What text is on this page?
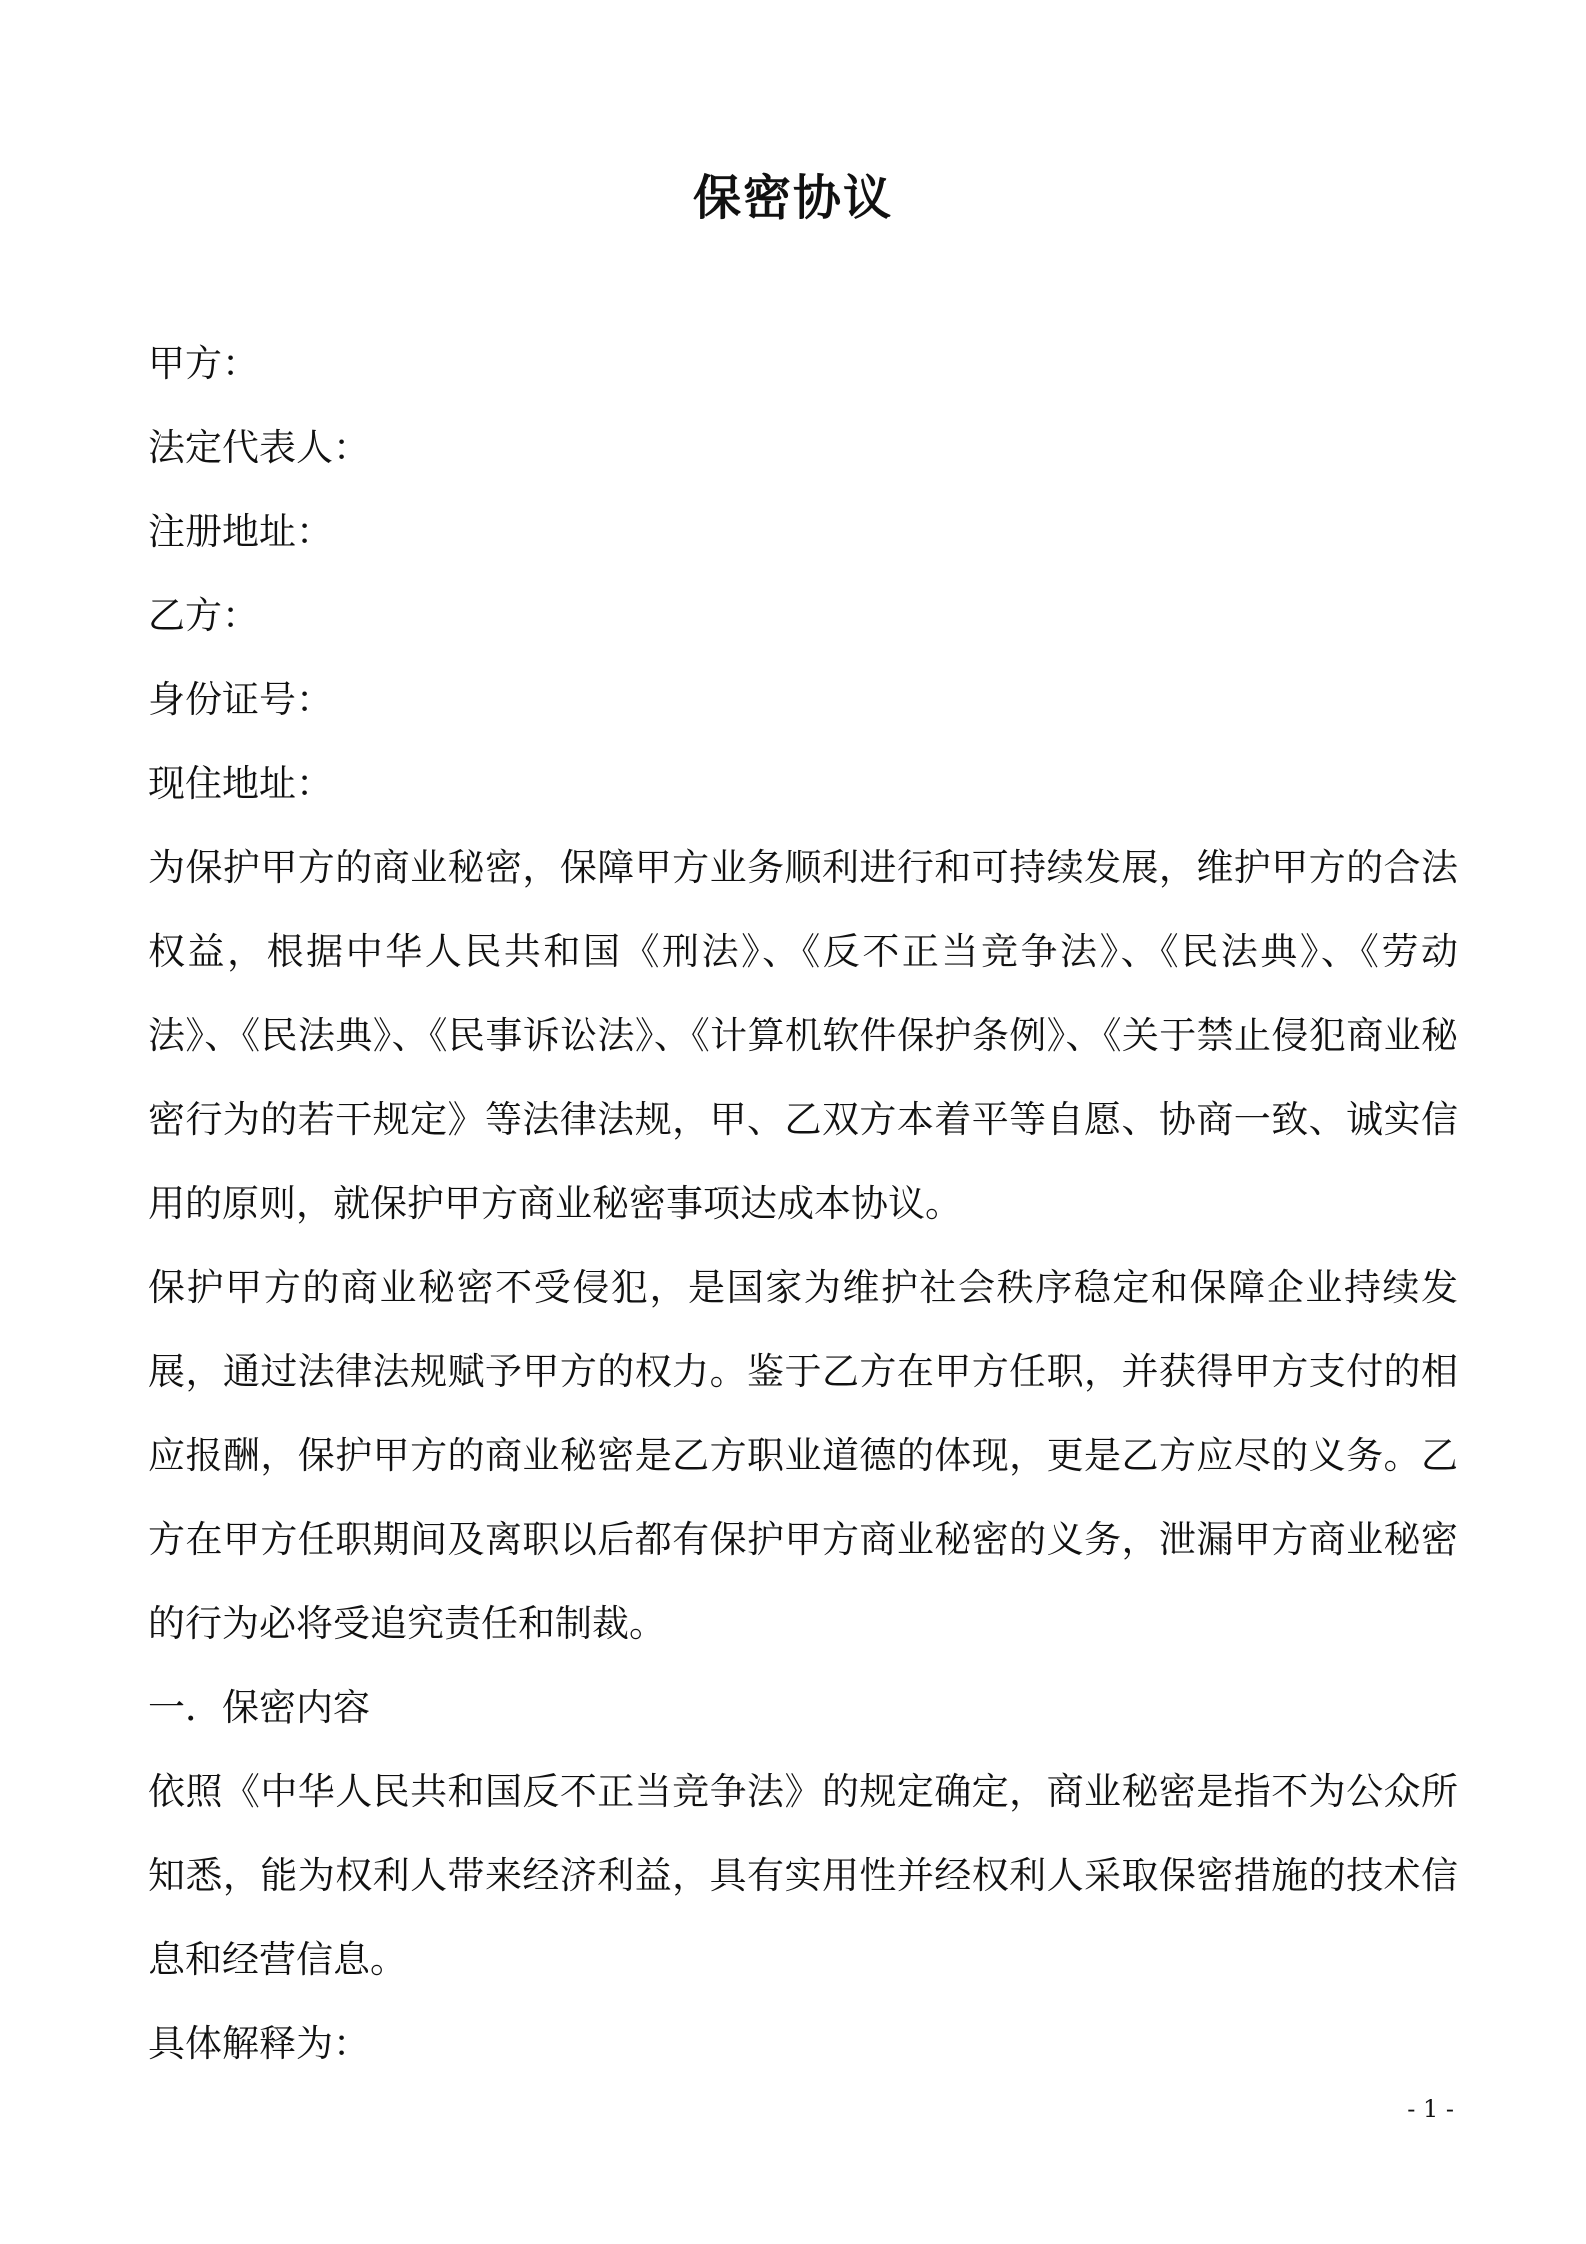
保密协议

甲方：

法定代表人：

注册地址：

乙方：

身份证号：

现住地址：

为保护甲方的商业秘密，保障甲方业务顺利进行和可持续发展，维护甲方的合法权益，根据中华人民共和国《刑法》、《反不正当竞争法》、《民法典》、《劳动法》、《民法典》、《民事诉讼法》、《计算机软件保护条例》、《关于禁止侵犯商业秘密行为的若干规定》等法律法规，甲、乙双方本着平等自愿、协商一致、诚实信用的原则，就保护甲方商业秘密事项达成本协议。

保护甲方的商业秘密不受侵犯，是国家为维护社会秩序稳定和保障企业持续发展，通过法律法规赋予甲方的权力。鉴于乙方在甲方任职，并获得甲方支付的相应报酬，保护甲方的商业秘密是乙方职业道德的体现，更是乙方应尽的义务。乙方在甲方任职期间及离职以后都有保护甲方商业秘密的义务，泄漏甲方商业秘密的行为必将受追究责任和制裁。

一．保密内容

依照《中华人民共和国反不正当竞争法》的规定确定，商业秘密是指不为公众所知悉，能为权利人带来经济利益，具有实用性并经权利人采取保密措施的技术信息和经营信息。

具体解释为：

- 1 -
